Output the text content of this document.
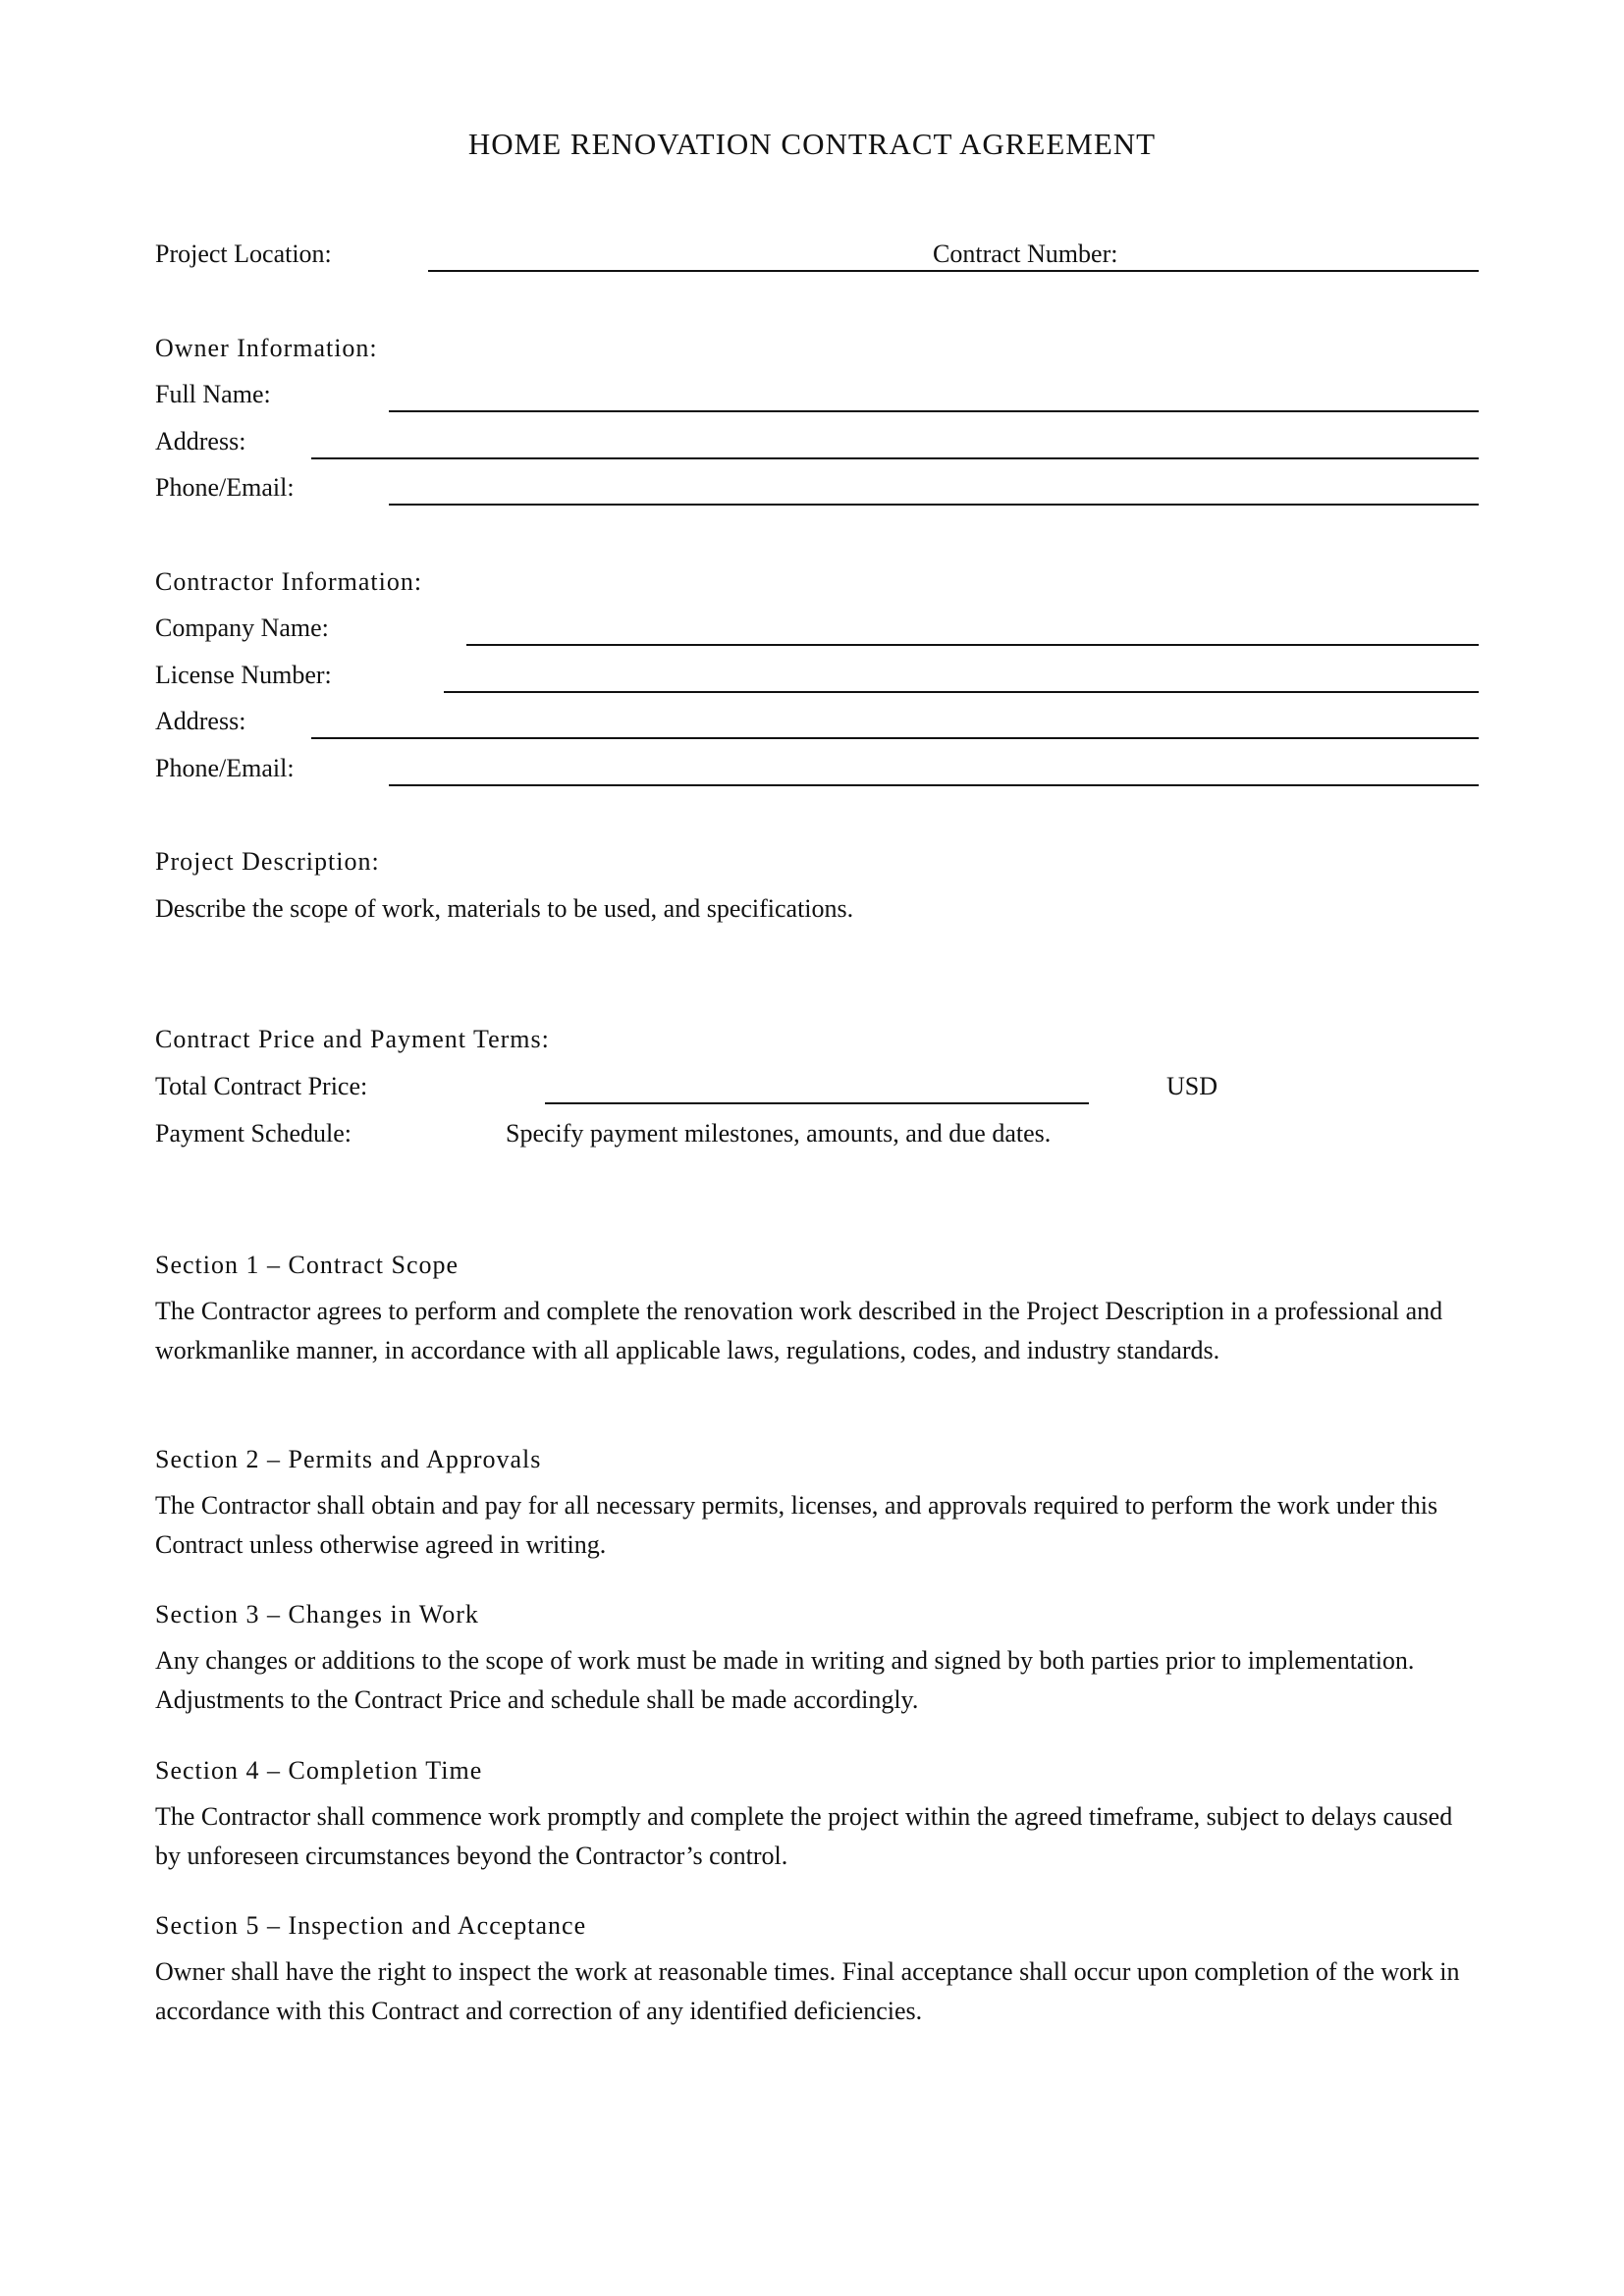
HOME RENOVATION CONTRACT AGREEMENT
Project Location:	Contract Number:
Owner Information:
Full Name:
Address:
Phone/Email:
Contractor Information:
Company Name:
License Number:
Address:
Phone/Email:
Project Description:
Describe the scope of work, materials to be used, and specifications.
Contract Price and Payment Terms:
Total Contract Price:	USD
Payment Schedule:	Specify payment milestones, amounts, and due dates.
Section 1 – Contract Scope
The Contractor agrees to perform and complete the renovation work described in the Project Description in a professional and workmanlike manner, in accordance with all applicable laws, regulations, codes, and industry standards.
Section 2 – Permits and Approvals
The Contractor shall obtain and pay for all necessary permits, licenses, and approvals required to perform the work under this Contract unless otherwise agreed in writing.
Section 3 – Changes in Work
Any changes or additions to the scope of work must be made in writing and signed by both parties prior to implementation. Adjustments to the Contract Price and schedule shall be made accordingly.
Section 4 – Completion Time
The Contractor shall commence work promptly and complete the project within the agreed timeframe, subject to delays caused by unforeseen circumstances beyond the Contractor’s control.
Section 5 – Inspection and Acceptance
Owner shall have the right to inspect the work at reasonable times. Final acceptance shall occur upon completion of the work in accordance with this Contract and correction of any identified deficiencies.
